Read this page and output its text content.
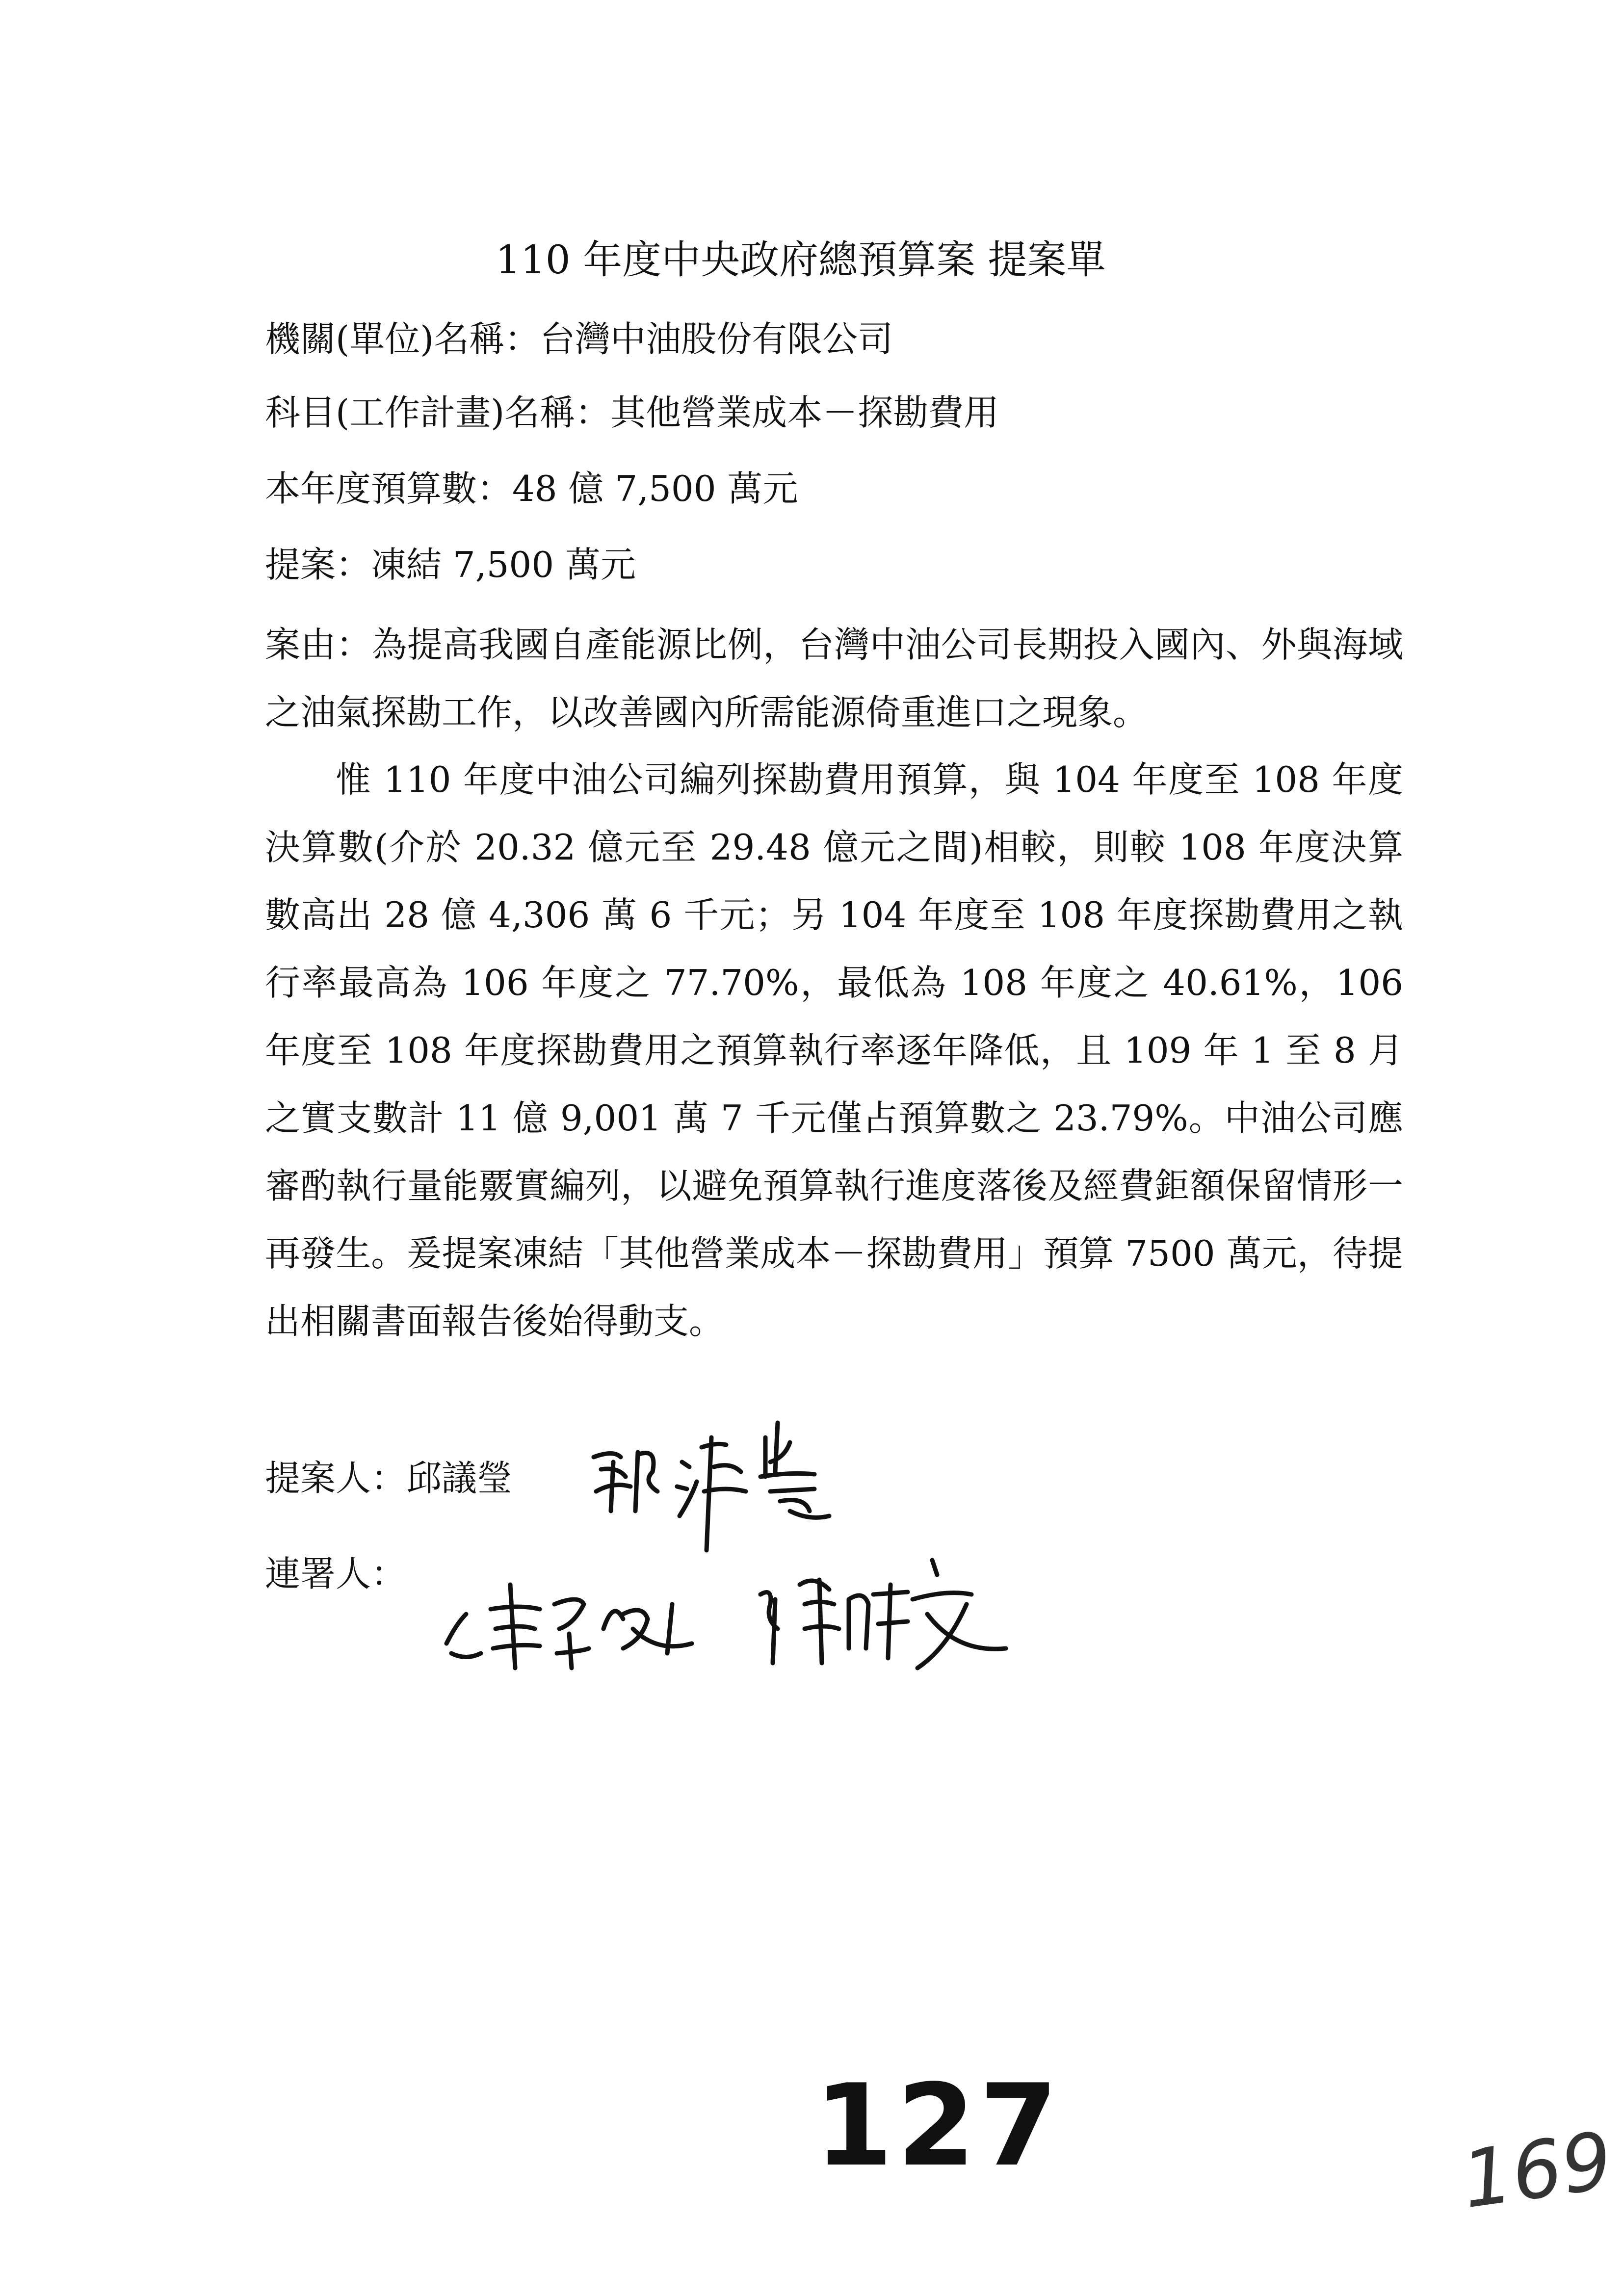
110 年度中央政府總預算案 提案單
機關(單位)名稱：台灣中油股份有限公司
科目(工作計畫)名稱：其他營業成本－探勘費用
本年度預算數：48 億 7,500 萬元
提案：凍結 7,500 萬元

案由：為提高我國自產能源比例，台灣中油公司長期投入國內、外與海域之油氣探勘工作，以改善國內所需能源倚重進口之現象。

惟 110 年度中油公司編列探勘費用預算，與 104 年度至 108 年度決算數(介於 20.32 億元至 29.48 億元之間)相較，則較 108 年度決算數高出 28 億 4,306 萬 6 千元；另 104 年度至 108 年度探勘費用之執行率最高為 106 年度之 77.70%，最低為 108 年度之 40.61%，106 年度至 108 年度探勘費用之預算執行率逐年降低，且 109 年 1 至 8 月之實支數計 11 億 9,001 萬 7 千元僅占預算數之 23.79%。中油公司應審酌執行量能覈實編列，以避免預算執行進度落後及經費鉅額保留情形一再發生。爰提案凍結「其他營業成本－探勘費用」預算 7500 萬元，待提出相關書面報告後始得動支。

提案人：邱議瑩
連署人：
127	169
